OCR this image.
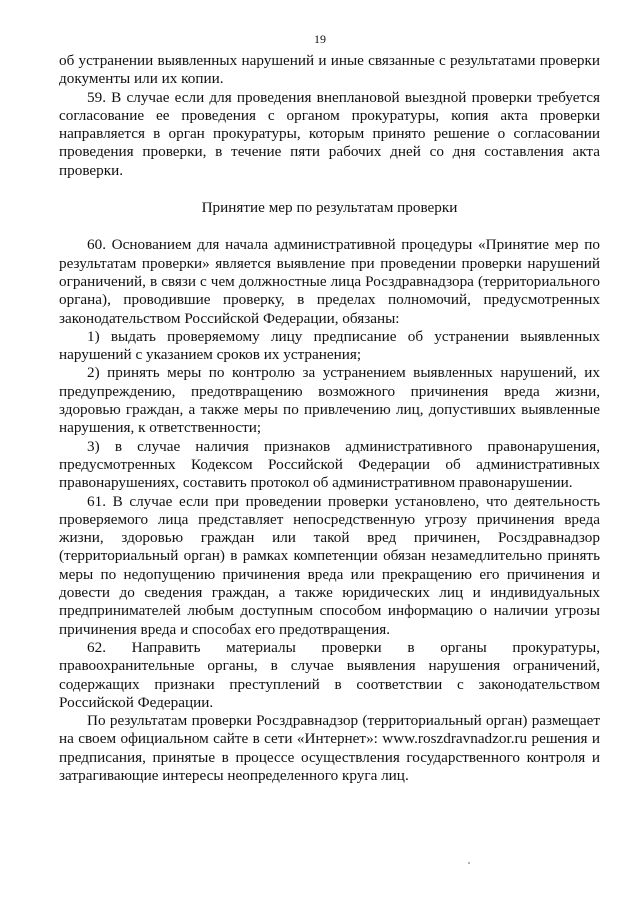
19

об устранении выявленных нарушений и иные связанные с результатами проверки документы или их копии.

59. В случае если для проведения внеплановой выездной проверки требуется согласование ее проведения с органом прокуратуры, копия акта проверки направляется в орган прокуратуры, которым принято решение о согласовании проведения проверки, в течение пяти рабочих дней со дня составления акта проверки.

Принятие мер по результатам проверки

60. Основанием для начала административной процедуры «Принятие мер по результатам проверки» является выявление при проведении проверки нарушений ограничений, в связи с чем должностные лица Росздравнадзора (территориального органа), проводившие проверку, в пределах полномочий, предусмотренных законодательством Российской Федерации, обязаны:

1) выдать проверяемому лицу предписание об устранении выявленных нарушений с указанием сроков их устранения;

2) принять меры по контролю за устранением выявленных нарушений, их предупреждению, предотвращению возможного причинения вреда жизни, здоровью граждан, а также меры по привлечению лиц, допустивших выявленные нарушения, к ответственности;

3) в случае наличия признаков административного правонарушения, предусмотренных Кодексом Российской Федерации об административных правонарушениях, составить протокол об административном правонарушении.

61. В случае если при проведении проверки установлено, что деятельность проверяемого лица представляет непосредственную угрозу причинения вреда жизни, здоровью граждан или такой вред причинен, Росздравнадзор (территориальный орган) в рамках компетенции обязан незамедлительно принять меры по недопущению причинения вреда или прекращению его причинения и довести до сведения граждан, а также юридических лиц и индивидуальных предпринимателей любым доступным способом информацию о наличии угрозы причинения вреда и способах его предотвращения.

62. Направить материалы проверки в органы прокуратуры, правоохранительные органы, в случае выявления нарушения ограничений, содержащих признаки преступлений в соответствии с законодательством Российской Федерации.

По результатам проверки Росздравнадзор (территориальный орган) размещает на своем официальном сайте в сети «Интернет»: www.roszdravnadzor.ru решения и предписания, принятые в процессе осуществления государственного контроля и затрагивающие интересы неопределенного круга лиц.
